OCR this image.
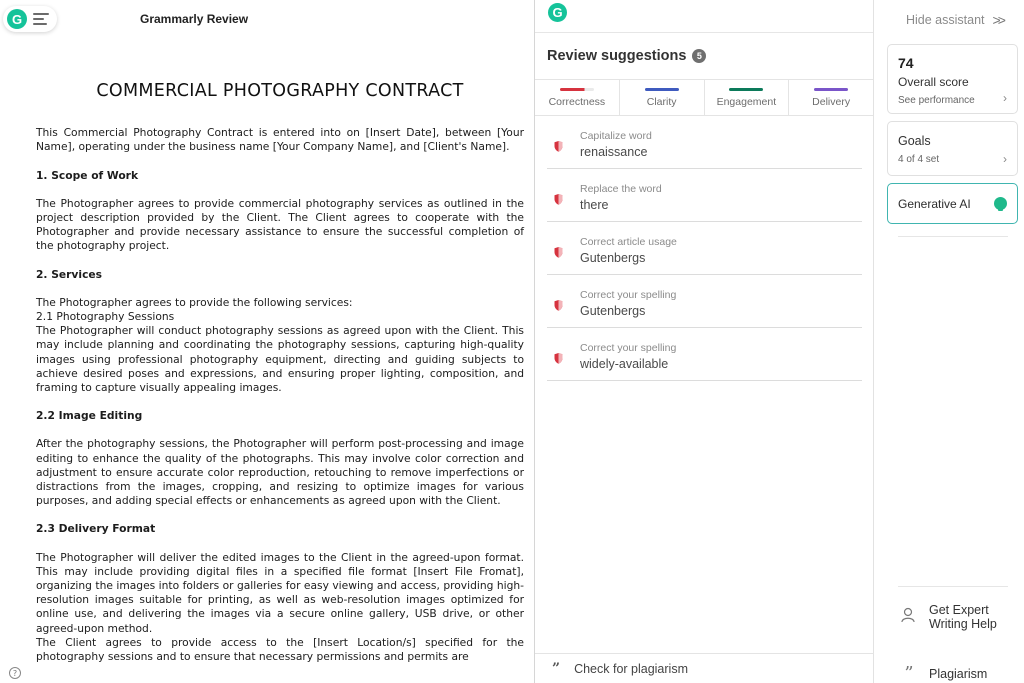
G	Grammarly Review
COMMERCIAL PHOTOGRAPHY CONTRACT

This Commercial Photography Contract is entered into on [Insert Date], between [Your Name], operating under the business name [Your Company Name], and [Client's Name].

1. Scope of Work

The Photographer agrees to provide commercial photography services as outlined in the project description provided by the Client. The Client agrees to cooperate with the Photographer and provide necessary assistance to ensure the successful completion of the photography project.

2. Services

The Photographer agrees to provide the following services:

2.1 Photography Sessions

The Photographer will conduct photography sessions as agreed upon with the Client. This may include planning and coordinating the photography sessions, capturing high-quality images using professional photography equipment, directing and guiding subjects to achieve desired poses and expressions, and ensuring proper lighting, composition, and framing to capture visually appealing images.

2.2 Image Editing

After the photography sessions, the Photographer will perform post-processing and image editing to enhance the quality of the photographs. This may involve color correction and adjustment to ensure accurate color reproduction, retouching to remove imperfections or distractions from the images, cropping, and resizing to optimize images for various purposes, and adding special effects or enhancements as agreed upon with the Client.

2.3 Delivery Format

The Photographer will deliver the edited images to the Client in the agreed-upon format. This may include providing digital files in a specified file format [Insert File Fromat], organizing the images into folders or galleries for easy viewing and access, providing high-resolution images suitable for printing, as well as web-resolution images optimized for online use, and delivering the images via a secure online gallery, USB drive, or other agreed-upon method.

The Client agrees to provide access to the [Insert Location/s] specified for the photography sessions and to ensure that necessary permissions and permits are

?
G
Review suggestions	5
Correctness	Clarity	Engagement	Delivery
Capitalize word
renaissance
Replace the word
there
Correct article usage
Gutenbergs
Correct your spelling
Gutenbergs
Correct your spelling
widely-available
” Check for plagiarism
Hide assistant >>
74
Overall score
See performance	›
Goals
4 of 4 set	›
Generative AI
Get Expert
Writing Help
”	Plagiarism
